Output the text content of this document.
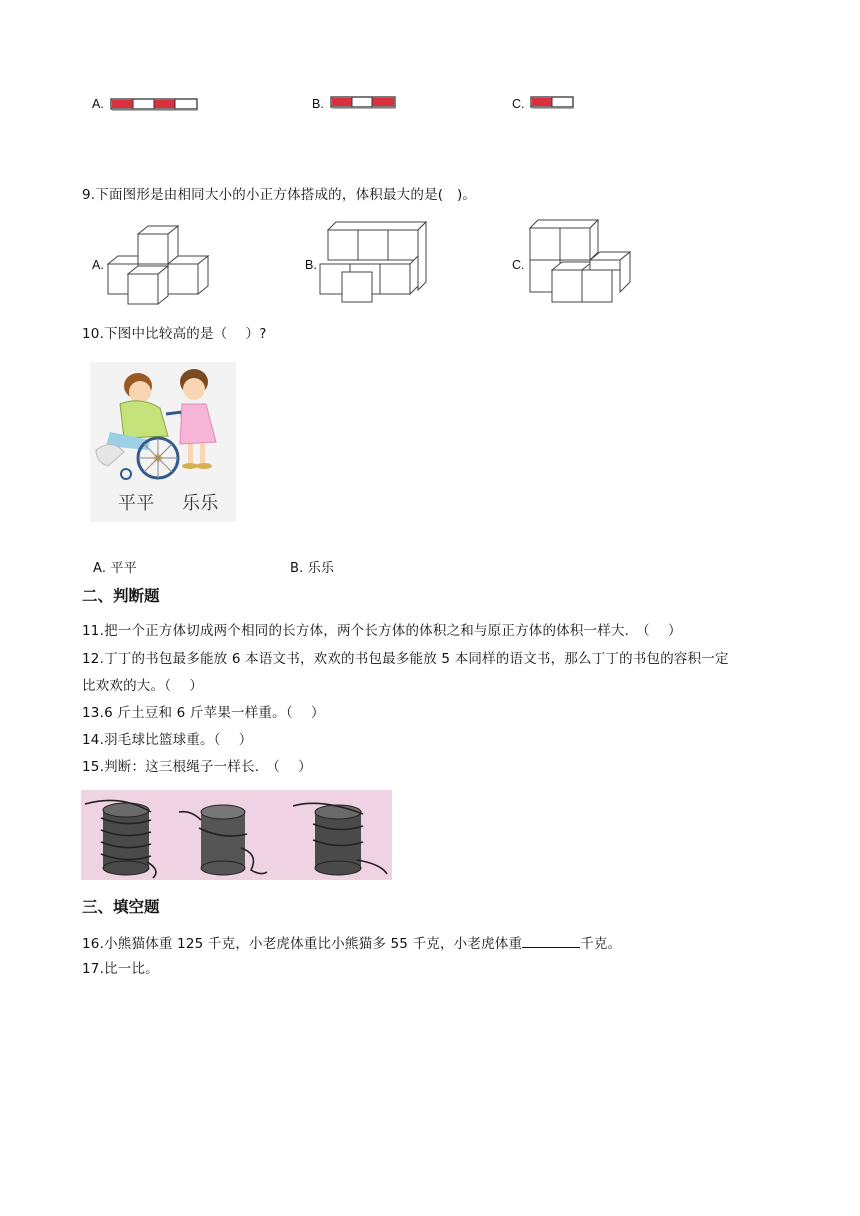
A.	B.	C.
9.下面图形是由相同大小的小正方体搭成的，体积最大的是(　)。
A.	B.	C.
10.下图中比较高的是（　 ）?
平平 乐乐
A. 平平	B. 乐乐
二、判断题
11.把一个正方体切成两个相同的长方体，两个长方体的体积之和与原正方体的体积一样大.　（　 ）
12.丁丁的书包最多能放 6 本语文书，欢欢的书包最多能放 5 本同样的语文书，那么丁丁的书包的容积一定
比欢欢的大。（　 ）
13.6 斤土豆和 6 斤苹果一样重。（　 ）
14.羽毛球比篮球重。（　 ）
15.判断：这三根绳子一样长.　（　 ）
三、填空题
16.小熊猫体重 125 千克，小老虎体重比小熊猫多 55 千克，小老虎体重	千克。
17.比一比。
